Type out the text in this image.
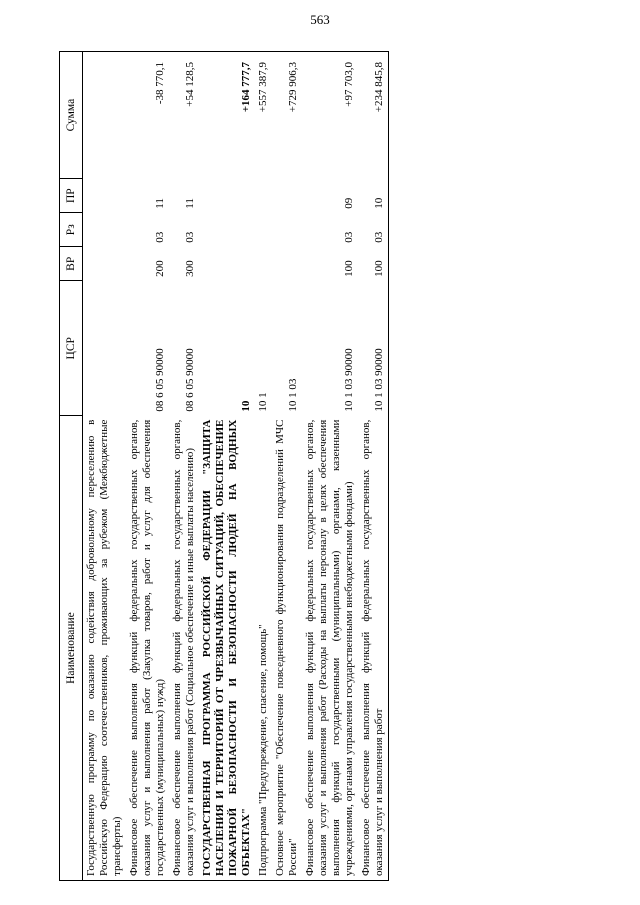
563
Наименование	ЦСР	ВР	Рз	ПР	Сумма
Государственную программу по оказанию содействия добровольному переселению в Российскую Федерацию соотечественников, проживающих за рубежом (Межбюджетные трансферты)					
Финансовое обеспечение выполнения функций федеральных государственных органов, оказания услуг и выполнения работ (Закупка товаров, работ и услуг для обеспечения государственных (муниципальных) нужд)	08 6 05 90000	200	03	11	-38 770,1
Финансовое обеспечение выполнения функций федеральных государственных органов, оказания услуг и выполнения работ (Социальное обеспечение и иные выплаты населению)	08 6 05 90000	300	03	11	+54 128,5
ГОСУДАРСТВЕННАЯ ПРОГРАММА РОССИЙСКОЙ ФЕДЕРАЦИИ "ЗАЩИТА НАСЕЛЕНИЯ И ТЕРРИТОРИЙ ОТ ЧРЕЗВЫЧАЙНЫХ СИТУАЦИЙ, ОБЕСПЕЧЕНИЕ ПОЖАРНОЙ БЕЗОПАСНОСТИ И БЕЗОПАСНОСТИ ЛЮДЕЙ НА ВОДНЫХ ОБЪЕКТАХ"	10				+164 777,7
Подпрограмма "Предупреждение, спасение, помощь"	10 1				+557 387,9
Основное мероприятие "Обеспечение повседневного функционирования подразделений МЧС России"	10 1 03				+729 906,3
Финансовое обеспечение выполнения функций федеральных государственных органов, оказания услуг и выполнения работ (Расходы на выплаты персоналу в целях обеспечения выполнения функций государственными (муниципальными) органами, казенными учреждениями, органами управления государственными внебюджетными фондами)	10 1 03 90000	100	03	09	+97 703,0
Финансовое обеспечение выполнения функций федеральных государственных органов, оказания услуг и выполнения работ	10 1 03 90000	100	03	10	+234 845,8
